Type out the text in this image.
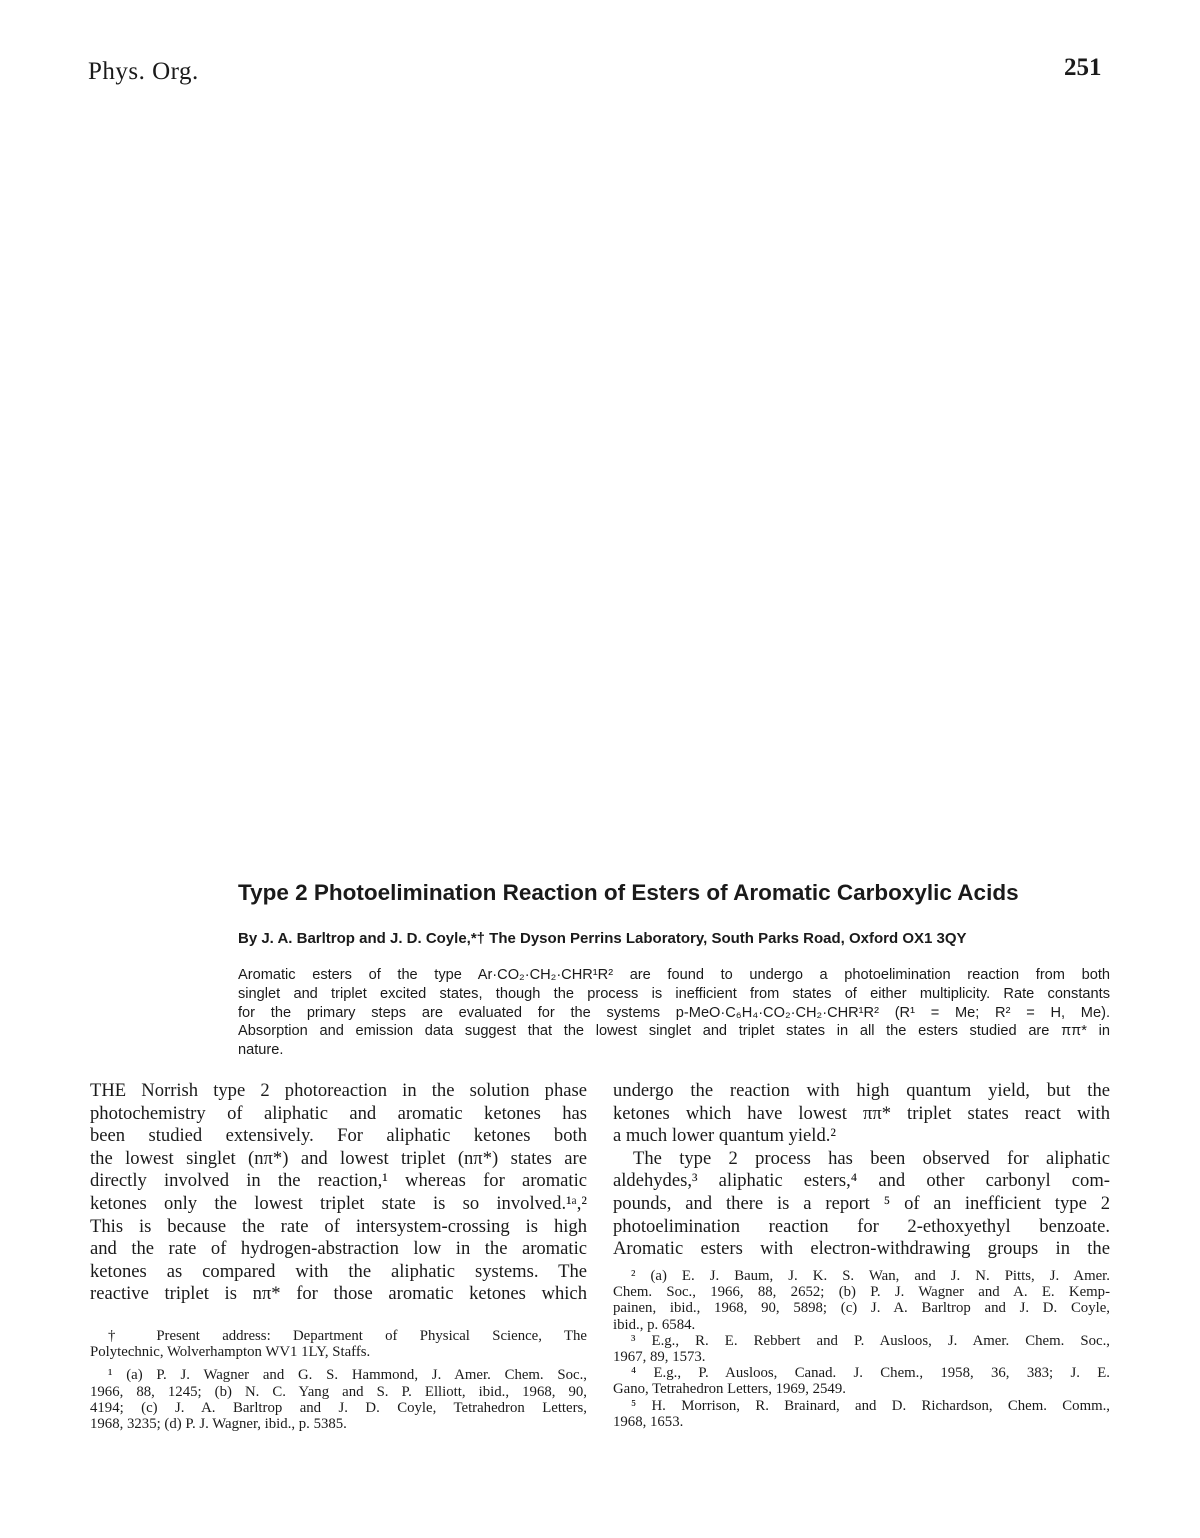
Phys. Org.	251
Type 2 Photoelimination Reaction of Esters of Aromatic Carboxylic Acids
By J. A. Barltrop and J. D. Coyle,*† The Dyson Perrins Laboratory, South Parks Road, Oxford OX1 3QY
Aromatic esters of the type Ar·CO₂·CH₂·CHR¹R² are found to undergo a photoelimination reaction from both
singlet and triplet excited states, though the process is inefficient from states of either multiplicity. Rate constants
for the primary steps are evaluated for the systems p-MeO·C₆H₄·CO₂·CH₂·CHR¹R² (R¹ = Me; R² = H, Me).
Absorption and emission data suggest that the lowest singlet and triplet states in all the esters studied are ππ* in
nature.
THE Norrish type 2 photoreaction in the solution phase
photochemistry of aliphatic and aromatic ketones has
been studied extensively. For aliphatic ketones both
the lowest singlet (nπ*) and lowest triplet (nπ*) states are
directly involved in the reaction,¹ whereas for aromatic
ketones only the lowest triplet state is so involved.¹ᵃ,²
This is because the rate of intersystem-crossing is high
and the rate of hydrogen-abstraction low in the aromatic
ketones as compared with the aliphatic systems. The
reactive triplet is nπ* for those aromatic ketones which
undergo the reaction with high quantum yield, but the
ketones which have lowest ππ* triplet states react with
a much lower quantum yield.²
The type 2 process has been observed for aliphatic
aldehydes,³ aliphatic esters,⁴ and other carbonyl com-
pounds, and there is a report ⁵ of an inefficient type 2
photoelimination reaction for 2-ethoxyethyl benzoate.
Aromatic esters with electron-withdrawing groups in the
† Present address: Department of Physical Science, The
Polytechnic, Wolverhampton WV1 1LY, Staffs.
¹ (a) P. J. Wagner and G. S. Hammond, J. Amer. Chem. Soc.,
1966, 88, 1245; (b) N. C. Yang and S. P. Elliott, ibid., 1968, 90,
4194; (c) J. A. Barltrop and J. D. Coyle, Tetrahedron Letters,
1968, 3235; (d) P. J. Wagner, ibid., p. 5385.
² (a) E. J. Baum, J. K. S. Wan, and J. N. Pitts, J. Amer.
Chem. Soc., 1966, 88, 2652; (b) P. J. Wagner and A. E. Kemp-
painen, ibid., 1968, 90, 5898; (c) J. A. Barltrop and J. D. Coyle,
ibid., p. 6584.
³ E.g., R. E. Rebbert and P. Ausloos, J. Amer. Chem. Soc.,
1967, 89, 1573.
⁴ E.g., P. Ausloos, Canad. J. Chem., 1958, 36, 383; J. E.
Gano, Tetrahedron Letters, 1969, 2549.
⁵ H. Morrison, R. Brainard, and D. Richardson, Chem. Comm.,
1968, 1653.
